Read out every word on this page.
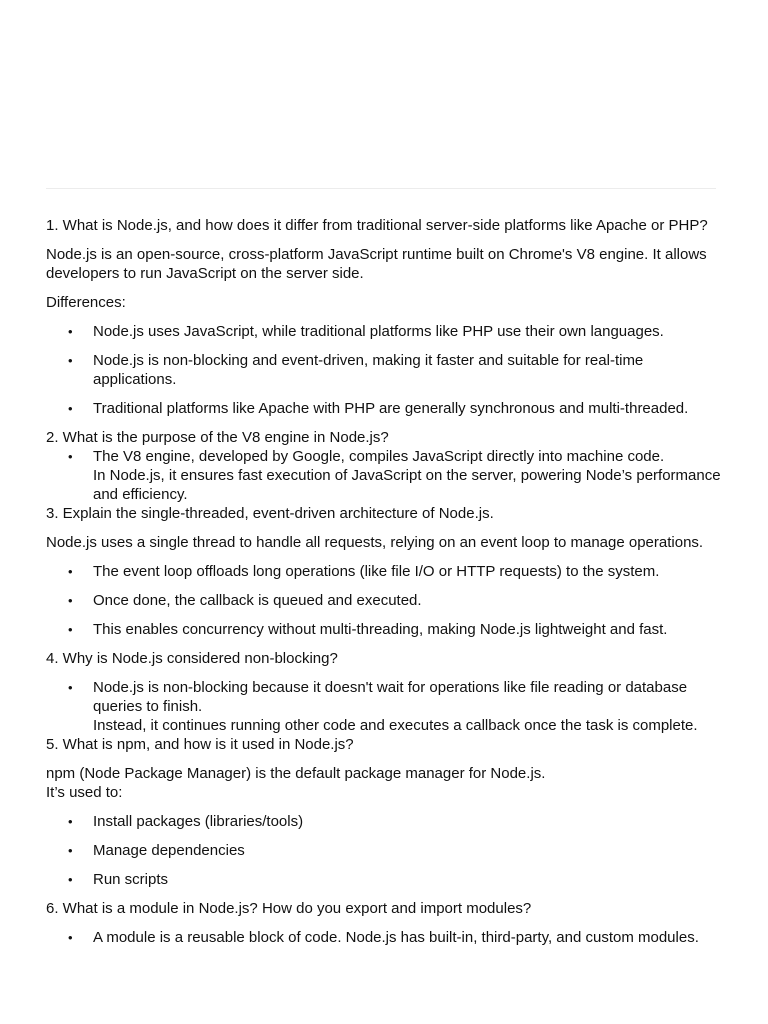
1. What is Node.js, and how does it differ from traditional server-side platforms like Apache or PHP?

Node.js is an open-source, cross-platform JavaScript runtime built on Chrome's V8 engine. It allows developers to run JavaScript on the server side.

Differences:

• Node.js uses JavaScript, while traditional platforms like PHP use their own languages.
• Node.js is non-blocking and event-driven, making it faster and suitable for real-time applications.
• Traditional platforms like Apache with PHP are generally synchronous and multi-threaded.

2. What is the purpose of the V8 engine in Node.js?

• The V8 engine, developed by Google, compiles JavaScript directly into machine code.
In Node.js, it ensures fast execution of JavaScript on the server, powering Node’s performance and efficiency.

3. Explain the single-threaded, event-driven architecture of Node.js.

Node.js uses a single thread to handle all requests, relying on an event loop to manage operations.

• The event loop offloads long operations (like file I/O or HTTP requests) to the system.
• Once done, the callback is queued and executed.
• This enables concurrency without multi-threading, making Node.js lightweight and fast.

4. Why is Node.js considered non-blocking?

• Node.js is non-blocking because it doesn't wait for operations like file reading or database queries to finish.
Instead, it continues running other code and executes a callback once the task is complete.

5. What is npm, and how is it used in Node.js?

npm (Node Package Manager) is the default package manager for Node.js.
It’s used to:

• Install packages (libraries/tools)
• Manage dependencies
• Run scripts

6. What is a module in Node.js? How do you export and import modules?

• A module is a reusable block of code. Node.js has built-in, third-party, and custom modules.
